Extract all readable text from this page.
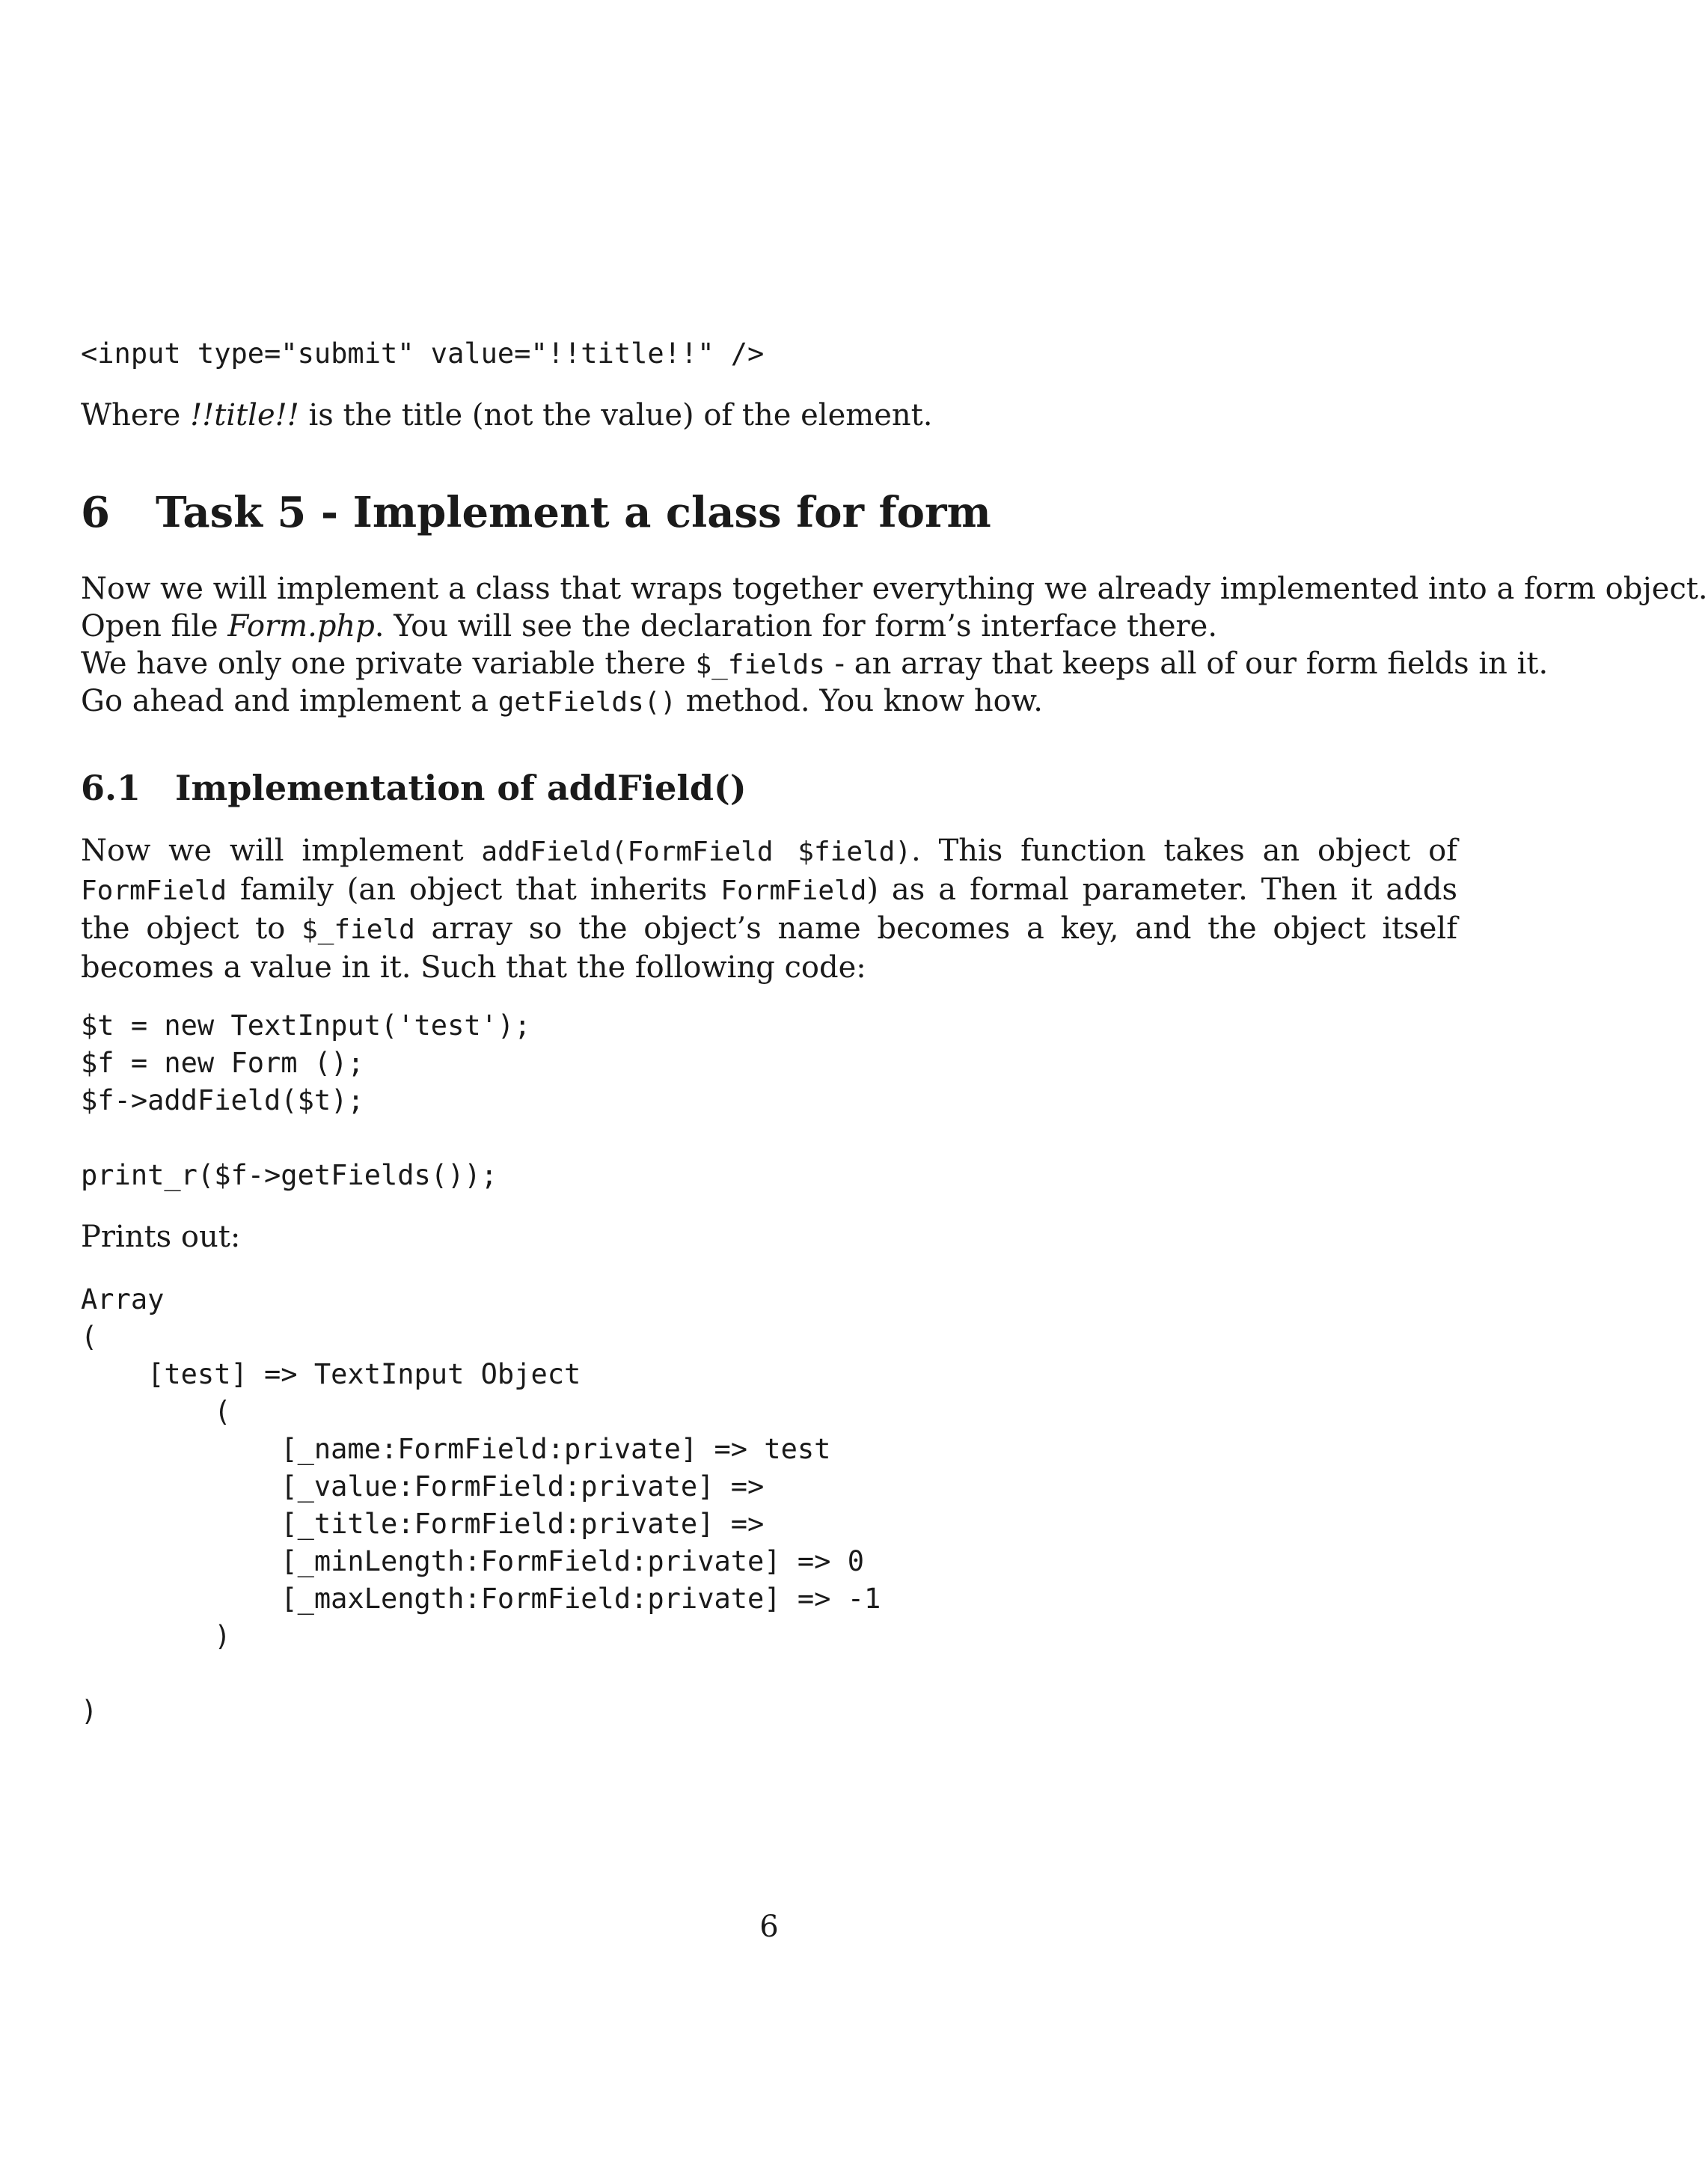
<input type="submit" value="!!title!!" />

Where !!title!! is the title (not the value) of the element.

6 Task 5 - Implement a class for form

Now we will implement a class that wraps together everything we already implemented into a form object.

Open file Form.php. You will see the declaration for form’s interface there.

We have only one private variable there $_fields - an array that keeps all of our form fields in it.

Go ahead and implement a getFields() method. You know how.

6.1 Implementation of addField()

Now we will implement addField(FormField $field). This function takes an object of FormField family (an object that inherits FormField) as a formal parameter. Then it adds the object to $_field array so the object’s name becomes a key, and the object itself becomes a value in it. Such that the following code:

$t = new TextInput('test');

$f = new Form ();

$f->addField($t);

print_r($f->getFields());

Prints out:

Array

(

[test] => TextInput Object

(

[_name:FormField:private] => test

[_value:FormField:private] =>

[_title:FormField:private] =>

[_minLength:FormField:private] => 0

[_maxLength:FormField:private] => -1

)

)

6
